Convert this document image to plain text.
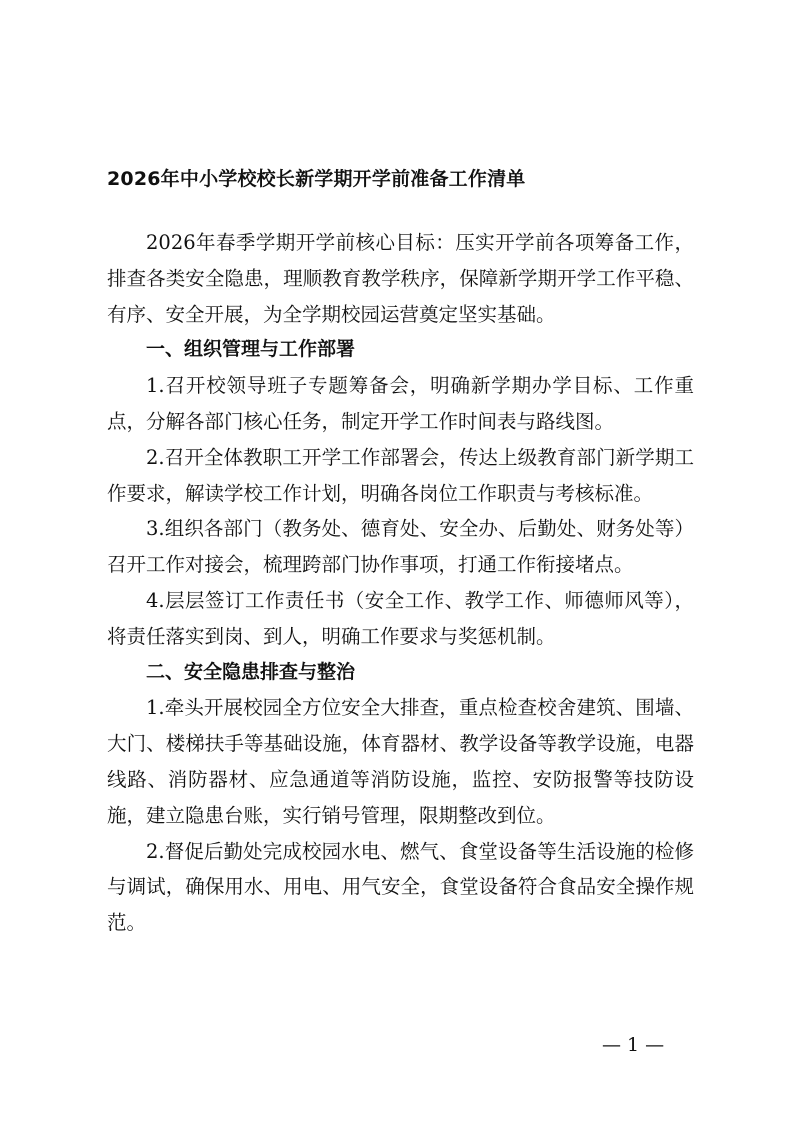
2026年中小学校校长新学期开学前准备工作清单

2026年春季学期开学前核心目标：压实开学前各项筹备工作，排查各类安全隐患，理顺教育教学秩序，保障新学期开学工作平稳、有序、安全开展，为全学期校园运营奠定坚实基础。

一、组织管理与工作部署

1.召开校领导班子专题筹备会，明确新学期办学目标、工作重点，分解各部门核心任务，制定开学工作时间表与路线图。

2.召开全体教职工开学工作部署会，传达上级教育部门新学期工作要求，解读学校工作计划，明确各岗位工作职责与考核标准。

3.组织各部门（教务处、德育处、安全办、后勤处、财务处等）召开工作对接会，梳理跨部门协作事项，打通工作衔接堵点。

4.层层签订工作责任书（安全工作、教学工作、师德师风等），将责任落实到岗、到人，明确工作要求与奖惩机制。

二、安全隐患排查与整治

1.牵头开展校园全方位安全大排查，重点检查校舍建筑、围墙、大门、楼梯扶手等基础设施，体育器材、教学设备等教学设施，电器线路、消防器材、应急通道等消防设施，监控、安防报警等技防设施，建立隐患台账，实行销号管理，限期整改到位。

2.督促后勤处完成校园水电、燃气、食堂设备等生活设施的检修与调试，确保用水、用电、用气安全，食堂设备符合食品安全操作规范。

— 1 —
